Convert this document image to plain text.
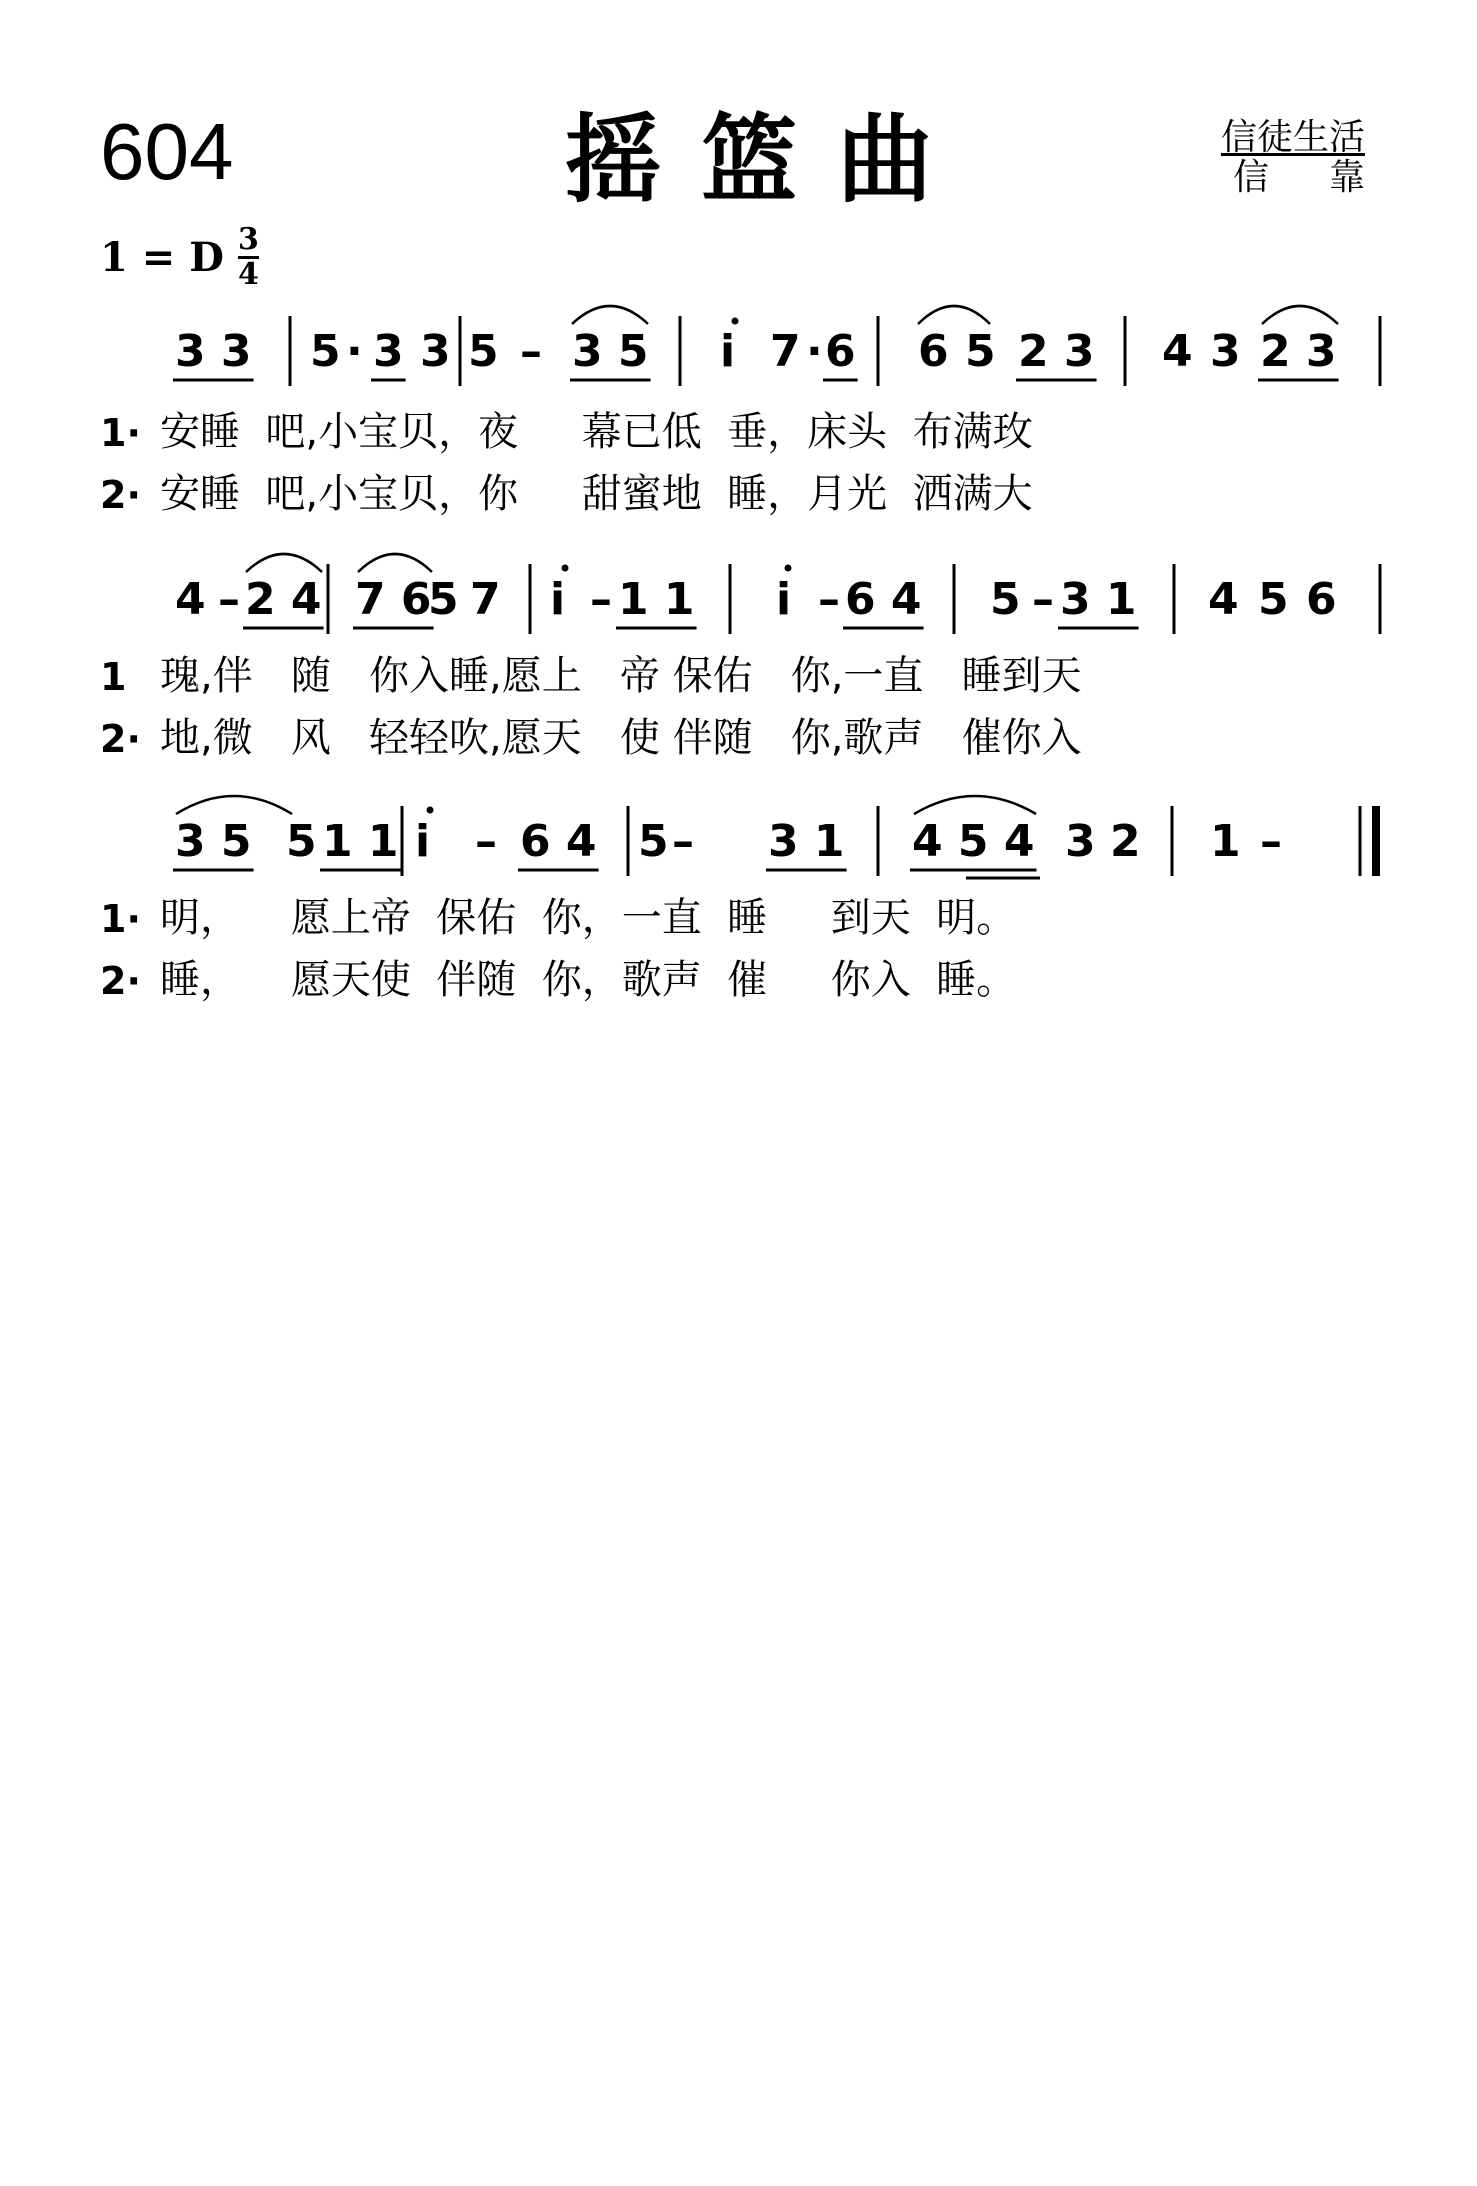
604	摇篮曲	信徒生活
信靠
1 = D $\frac{3}{4}$
3 3 5 · 3 3 5 – 3 5 i 7 · 6 6 5 2 3 4 3 2 3
1· 安睡  吧,小宝贝，夜     幕已低  垂，床头  布满玫
2· 安睡  吧,小宝贝，你     甜蜜地  睡，月光  洒满大
4 – 2 4 7 6
5 7 i – 1 1 i – 6 4 5 – 3 1 4 5 6
1 瑰,伴   随   你入睡,愿上   帝 保佑   你,一直   睡到天
2· 地,微   风   轻轻吹,愿天   使 伴随   你,歌声   催你入
3 5 5 1 1 i – 6 4 5 – 3 1 4 5 4 3 2 1 –
1· 明，    愿上帝  保佑  你，一直  睡     到天  明。
2· 睡，    愿天使  伴随  你，歌声  催     你入  睡。
